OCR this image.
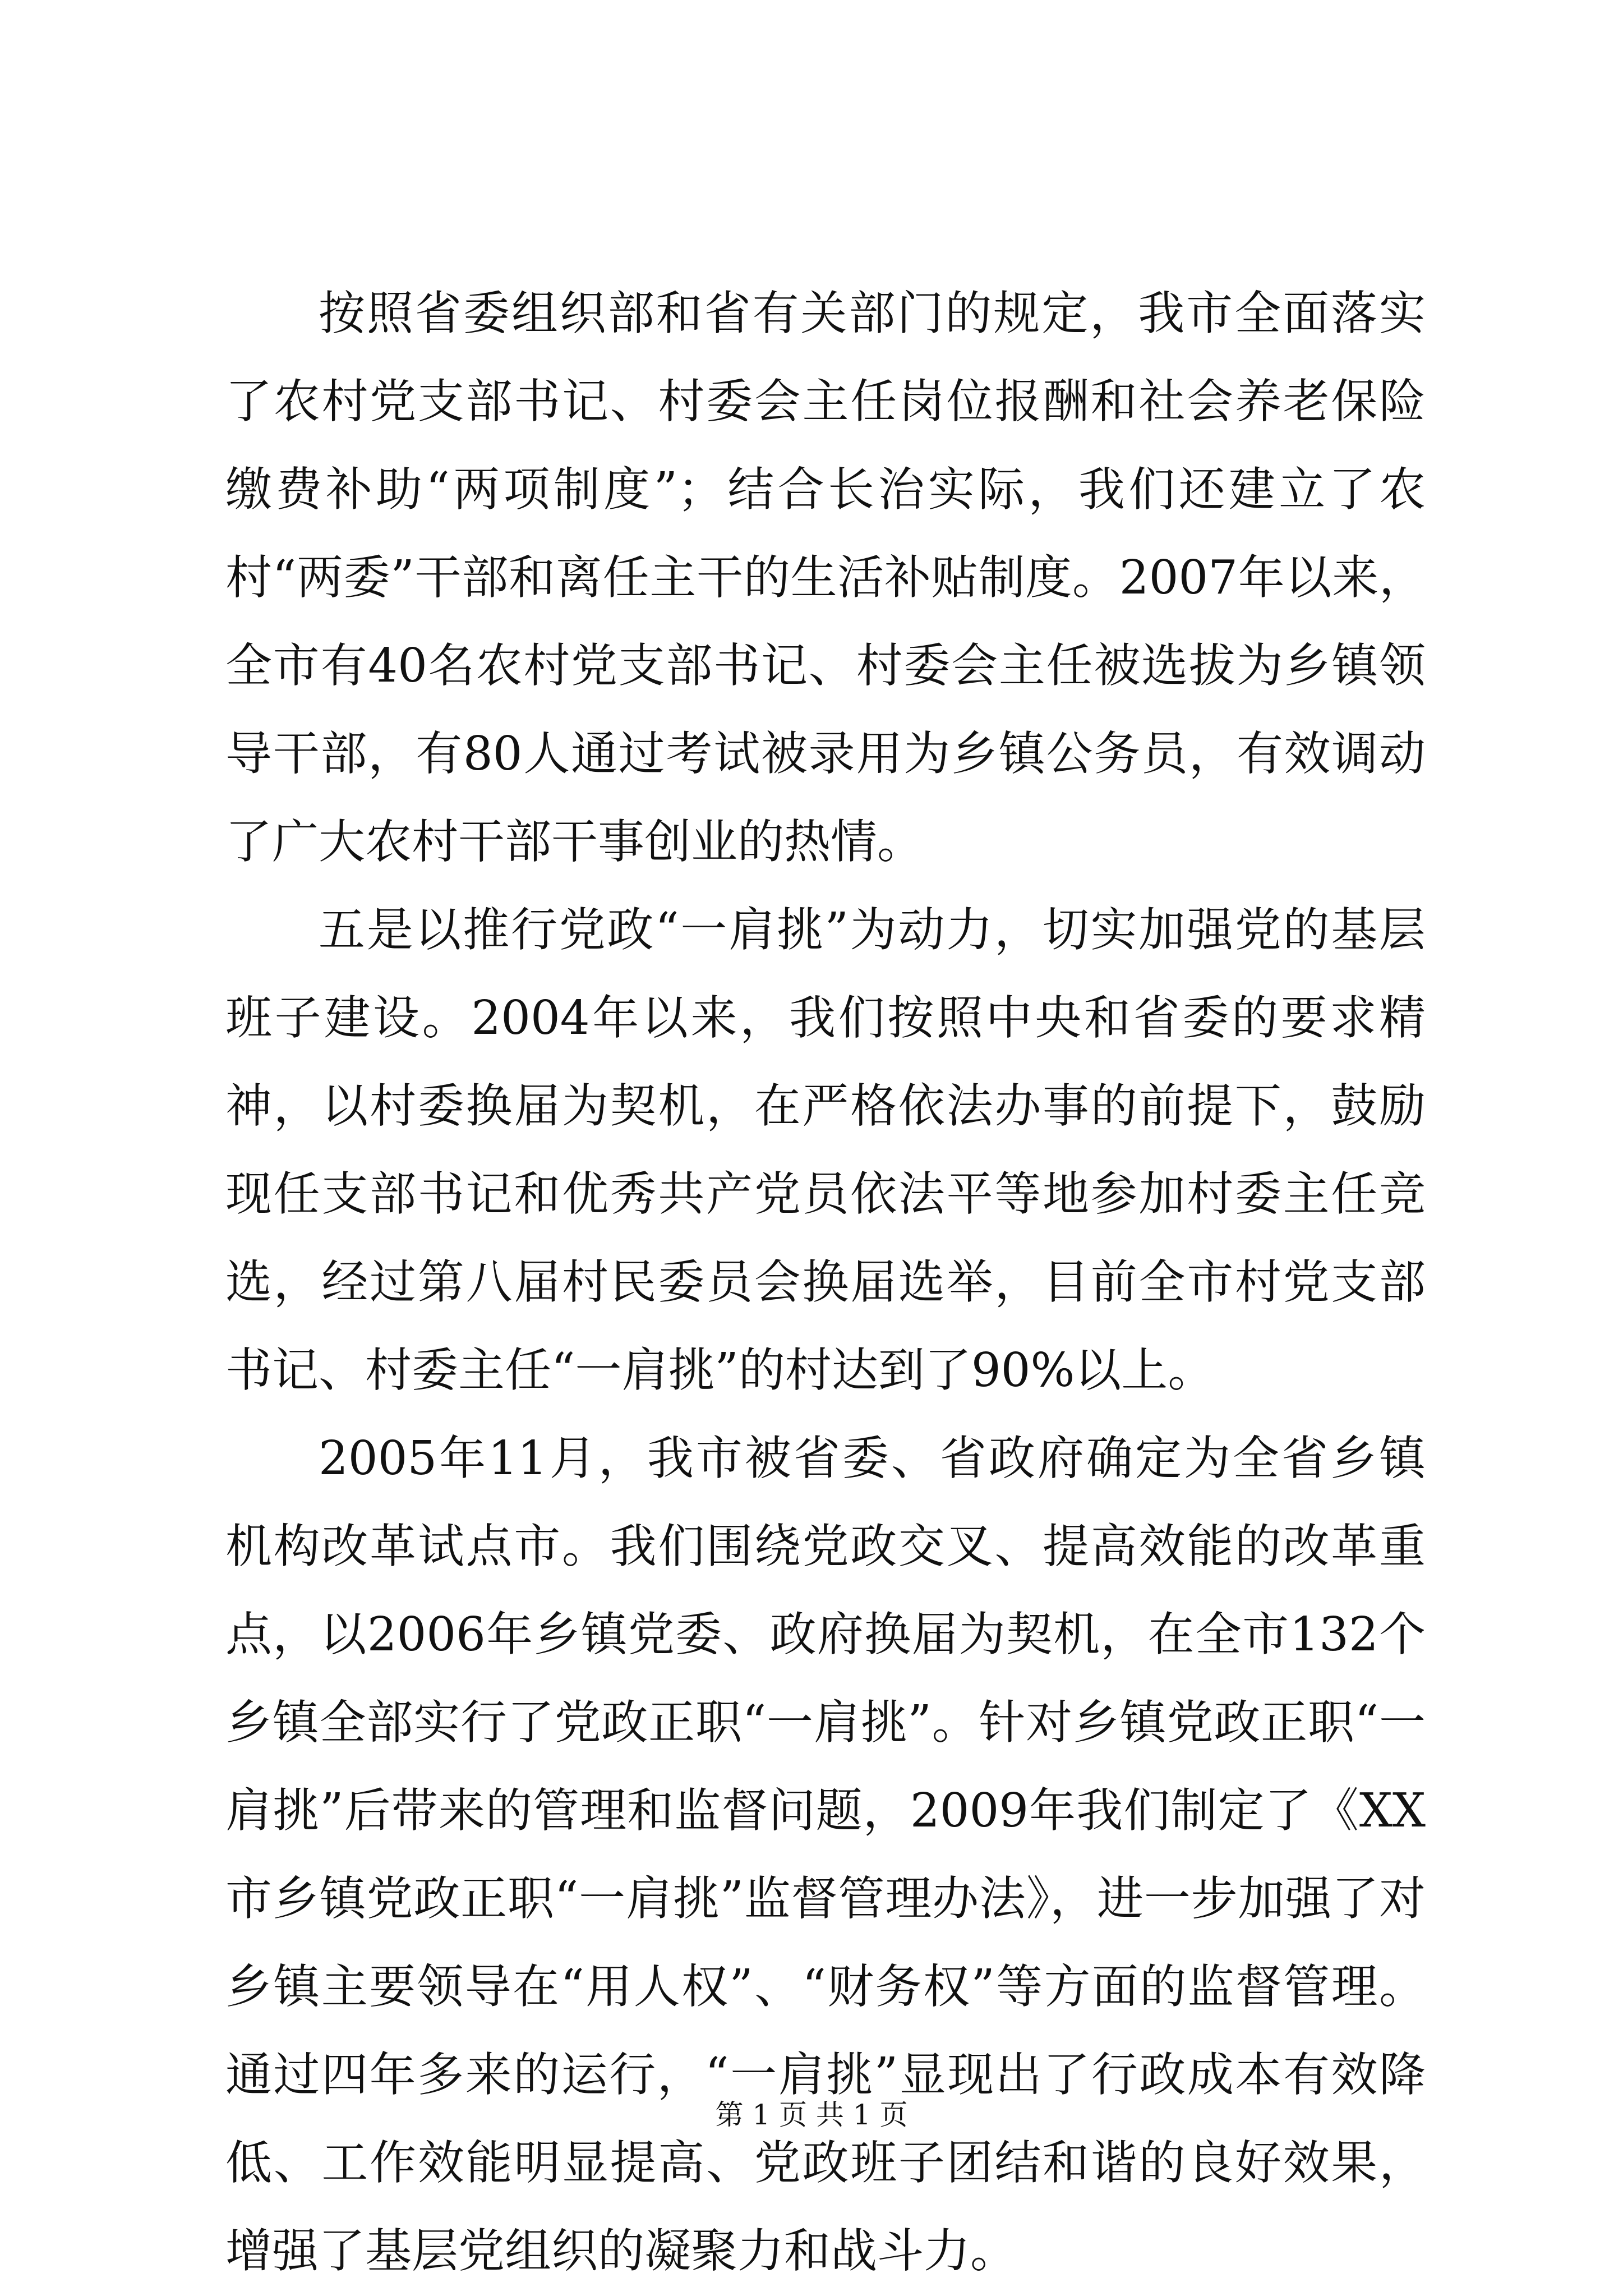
按照省委组织部和省有关部门的规定，我市全面落实了农村党支部书记、村委会主任岗位报酬和社会养老保险缴费补助“两项制度”；结合长治实际，我们还建立了农村“两委”干部和离任主干的生活补贴制度。2007年以来，全市有40名农村党支部书记、村委会主任被选拔为乡镇领导干部，有80人通过考试被录用为乡镇公务员，有效调动了广大农村干部干事创业的热情。

五是以推行党政“一肩挑”为动力，切实加强党的基层班子建设。2004年以来，我们按照中央和省委的要求精神，以村委换届为契机，在严格依法办事的前提下，鼓励现任支部书记和优秀共产党员依法平等地参加村委主任竞选，经过第八届村民委员会换届选举，目前全市村党支部书记、村委主任“一肩挑”的村达到了90%以上。

2005年11月，我市被省委、省政府确定为全省乡镇机构改革试点市。我们围绕党政交叉、提高效能的改革重点，以2006年乡镇党委、政府换届为契机，在全市132个乡镇全部实行了党政正职“一肩挑”。针对乡镇党政正职“一肩挑”后带来的管理和监督问题，2009年我们制定了《XX市乡镇党政正职“一肩挑”监督管理办法》，进一步加强了对乡镇主要领导在“用人权”、“财务权”等方面的监督管理。通过四年多来的运行，“一肩挑”显现出了行政成本有效降低、工作效能明显提高、党政班子团结和谐的良好效果，增强了基层党组织的凝聚力和战斗力。

第 1 页 共 1 页
